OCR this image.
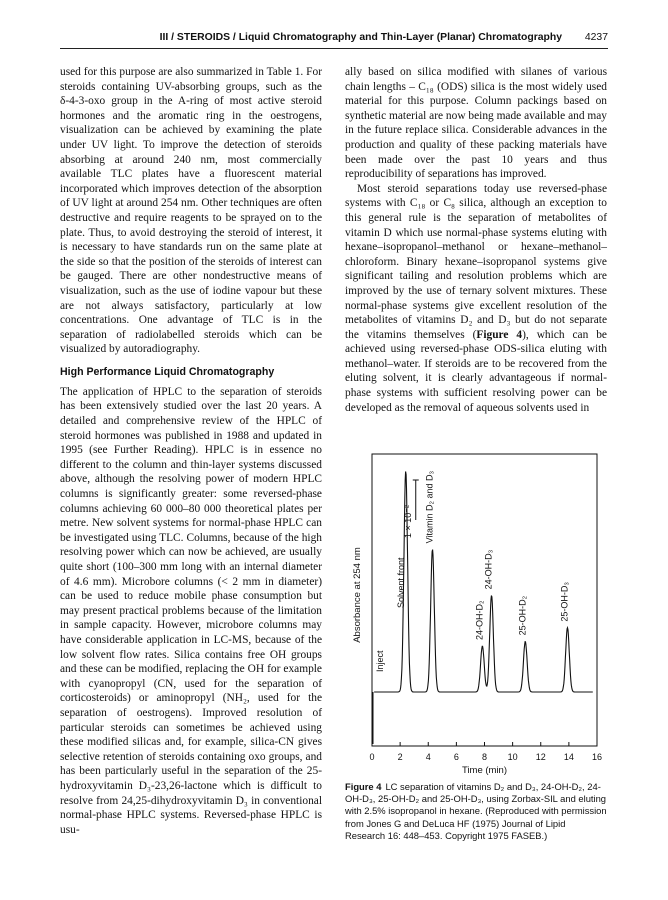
III / STEROIDS / Liquid Chromatography and Thin-Layer (Planar) Chromatography 4237

used for this purpose are also summarized in Table 1. For steroids containing UV-absorbing groups, such as the δ-4-3-oxo group in the A-ring of most active steroid hormones and the aromatic ring in the oestrogens, visualization can be achieved by examining the plate under UV light. To improve the detection of steroids absorbing at around 240 nm, most commercially available TLC plates have a fluorescent material incorporated which improves detection of the absorption of UV light at around 254 nm. Other techniques are often destructive and require reagents to be sprayed on to the plate. Thus, to avoid destroying the steroid of interest, it is necessary to have standards run on the same plate at the side so that the position of the steroids of interest can be gauged. There are other nondestructive means of visualization, such as the use of iodine vapour but these are not always satisfactory, particularly at low concentrations. One advantage of TLC is in the separation of radiolabelled steroids which can be visualized by autoradiography.

High Performance Liquid Chromatography

The application of HPLC to the separation of steroids has been extensively studied over the last 20 years. A detailed and comprehensive review of the HPLC of steroid hormones was published in 1988 and updated in 1995 (see Further Reading). HPLC is in essence no different to the column and thin-layer systems discussed above, although the resolving power of modern HPLC columns is significantly greater: some reversed-phase columns achieving 60 000–80 000 theoretical plates per metre. New solvent systems for normal-phase HPLC can be investigated using TLC. Columns, because of the high resolving power which can now be achieved, are usually quite short (100–300 mm long with an internal diameter of 4.6 mm). Microbore columns (< 2 mm in diameter) can be used to reduce mobile phase consumption but may present practical problems because of the limitation in sample capacity. However, microbore columns may have considerable application in LC-MS, because of the low solvent flow rates. Silica contains free OH groups and these can be modified, replacing the OH for example with cyanopropyl (CN, used for the separation of corticosteroids) or aminopropyl (NH₂, used for the separation of oestrogens). Improved resolution of particular steroids can sometimes be achieved using these modified silicas and, for example, silica-CN gives selective retention of steroids containing oxo groups, and has been particularly useful in the separation of the 25-hydroxyvitamin D₃-23,26-lactone which is difficult to resolve from 24,25-dihydroxyvitamin D₃ in conventional normal-phase HPLC systems. Reversed-phase HPLC is usu-

ally based on silica modified with silanes of various chain lengths – C₁₈ (ODS) silica is the most widely used material for this purpose. Column packings based on synthetic material are now being made available and may in the future replace silica. Considerable advances in the production and quality of these packing materials have been made over the past 10 years and thus reproducibility of separations has improved.

Most steroid separations today use reversed-phase systems with C₁₈ or C₈ silica, although an exception to this general rule is the separation of metabolites of vitamin D which use normal-phase systems eluting with hexane–isopropanol–methanol or hexane–methanol–chloroform. Binary hexane–isopropanol systems give significant tailing and resolution problems which are improved by the use of ternary solvent mixtures. These normal-phase systems give excellent resolution of the metabolites of vitamins D₂ and D₃ but do not separate the vitamins themselves (Figure 4), which can be achieved using reversed-phase ODS-silica eluting with methanol–water. If steroids are to be recovered from the eluting solvent, it is clearly advantageous if normal-phase systems with sufficient resolving power can be developed as the removal of aqueous solvents used in

0	2	4	6	8 10 12 14 16
Time (min)
Absorbance at 254 nm
Inject
Solvent front
Vitamin D₂ and D₃
24-OH-D₂
24-OH-D₃
25-OH-D₂	25-OH-D₃
1 × 10⁻²
Figure 4 LC separation of vitamins D₂ and D₃, 24-OH-D₂, 24-OH-D₃, 25-OH-D₂ and 25-OH-D₃, using Zorbax-SIL and eluting with 2.5% isopropanol in hexane. (Reproduced with permission from Jones G and DeLuca HF (1975) Journal of Lipid Research 16: 448–453. Copyright 1975 FASEB.)
